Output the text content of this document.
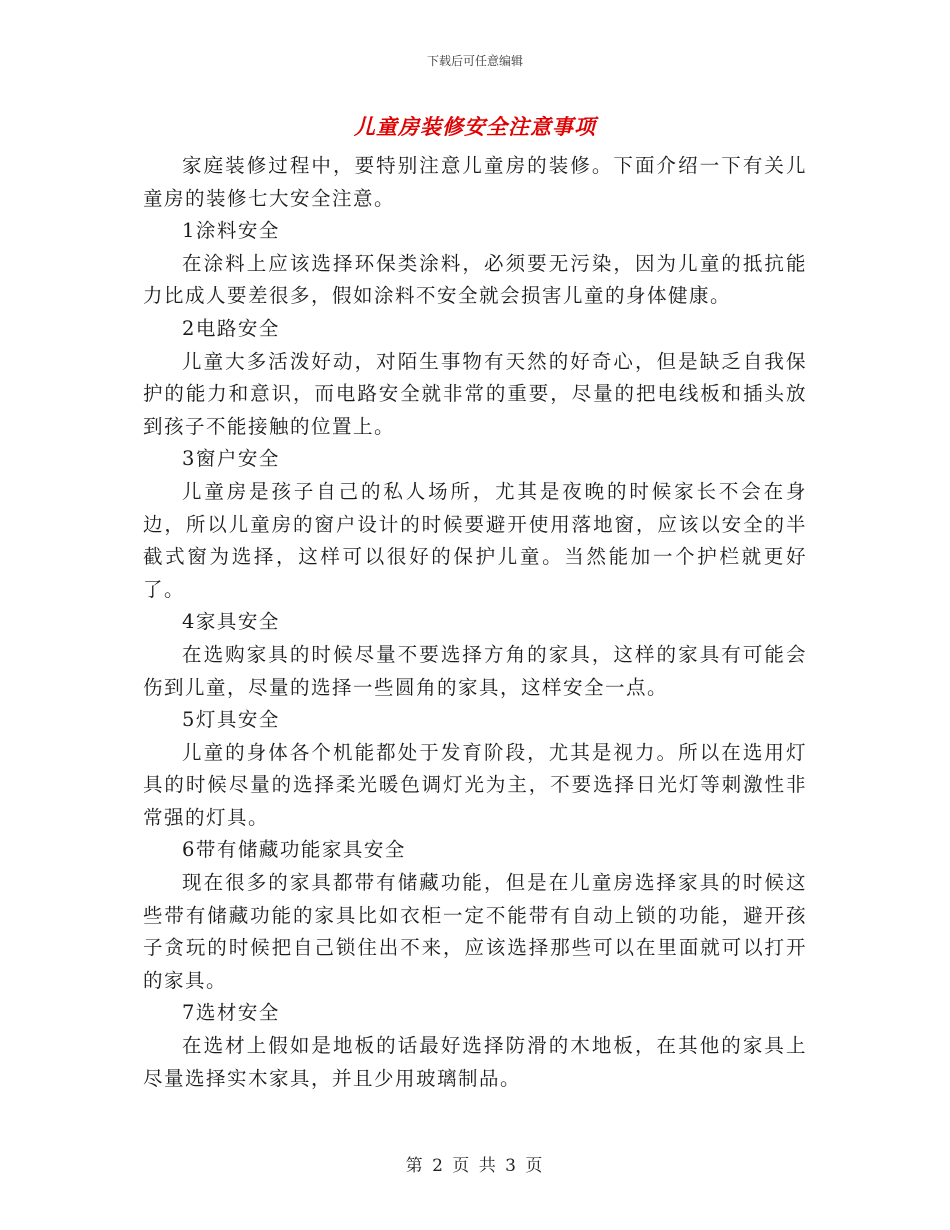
下载后可任意编辑
儿童房装修安全注意事项

家庭装修过程中，要特别注意儿童房的装修。下面介绍一下有关儿童房的装修七大安全注意。

1涂料安全

在涂料上应该选择环保类涂料，必须要无污染，因为儿童的抵抗能力比成人要差很多，假如涂料不安全就会损害儿童的身体健康。

2电路安全

儿童大多活泼好动，对陌生事物有天然的好奇心，但是缺乏自我保护的能力和意识，而电路安全就非常的重要，尽量的把电线板和插头放到孩子不能接触的位置上。

3窗户安全

儿童房是孩子自己的私人场所，尤其是夜晚的时候家长不会在身边，所以儿童房的窗户设计的时候要避开使用落地窗，应该以安全的半截式窗为选择，这样可以很好的保护儿童。当然能加一个护栏就更好了。

4家具安全

在选购家具的时候尽量不要选择方角的家具，这样的家具有可能会伤到儿童，尽量的选择一些圆角的家具，这样安全一点。

5灯具安全

儿童的身体各个机能都处于发育阶段，尤其是视力。所以在选用灯具的时候尽量的选择柔光暖色调灯光为主，不要选择日光灯等刺激性非常强的灯具。

6带有储藏功能家具安全

现在很多的家具都带有储藏功能，但是在儿童房选择家具的时候这些带有储藏功能的家具比如衣柜一定不能带有自动上锁的功能，避开孩子贪玩的时候把自己锁住出不来，应该选择那些可以在里面就可以打开的家具。

7选材安全

在选材上假如是地板的话最好选择防滑的木地板，在其他的家具上尽量选择实木家具，并且少用玻璃制品。

第 2 页 共 3 页
